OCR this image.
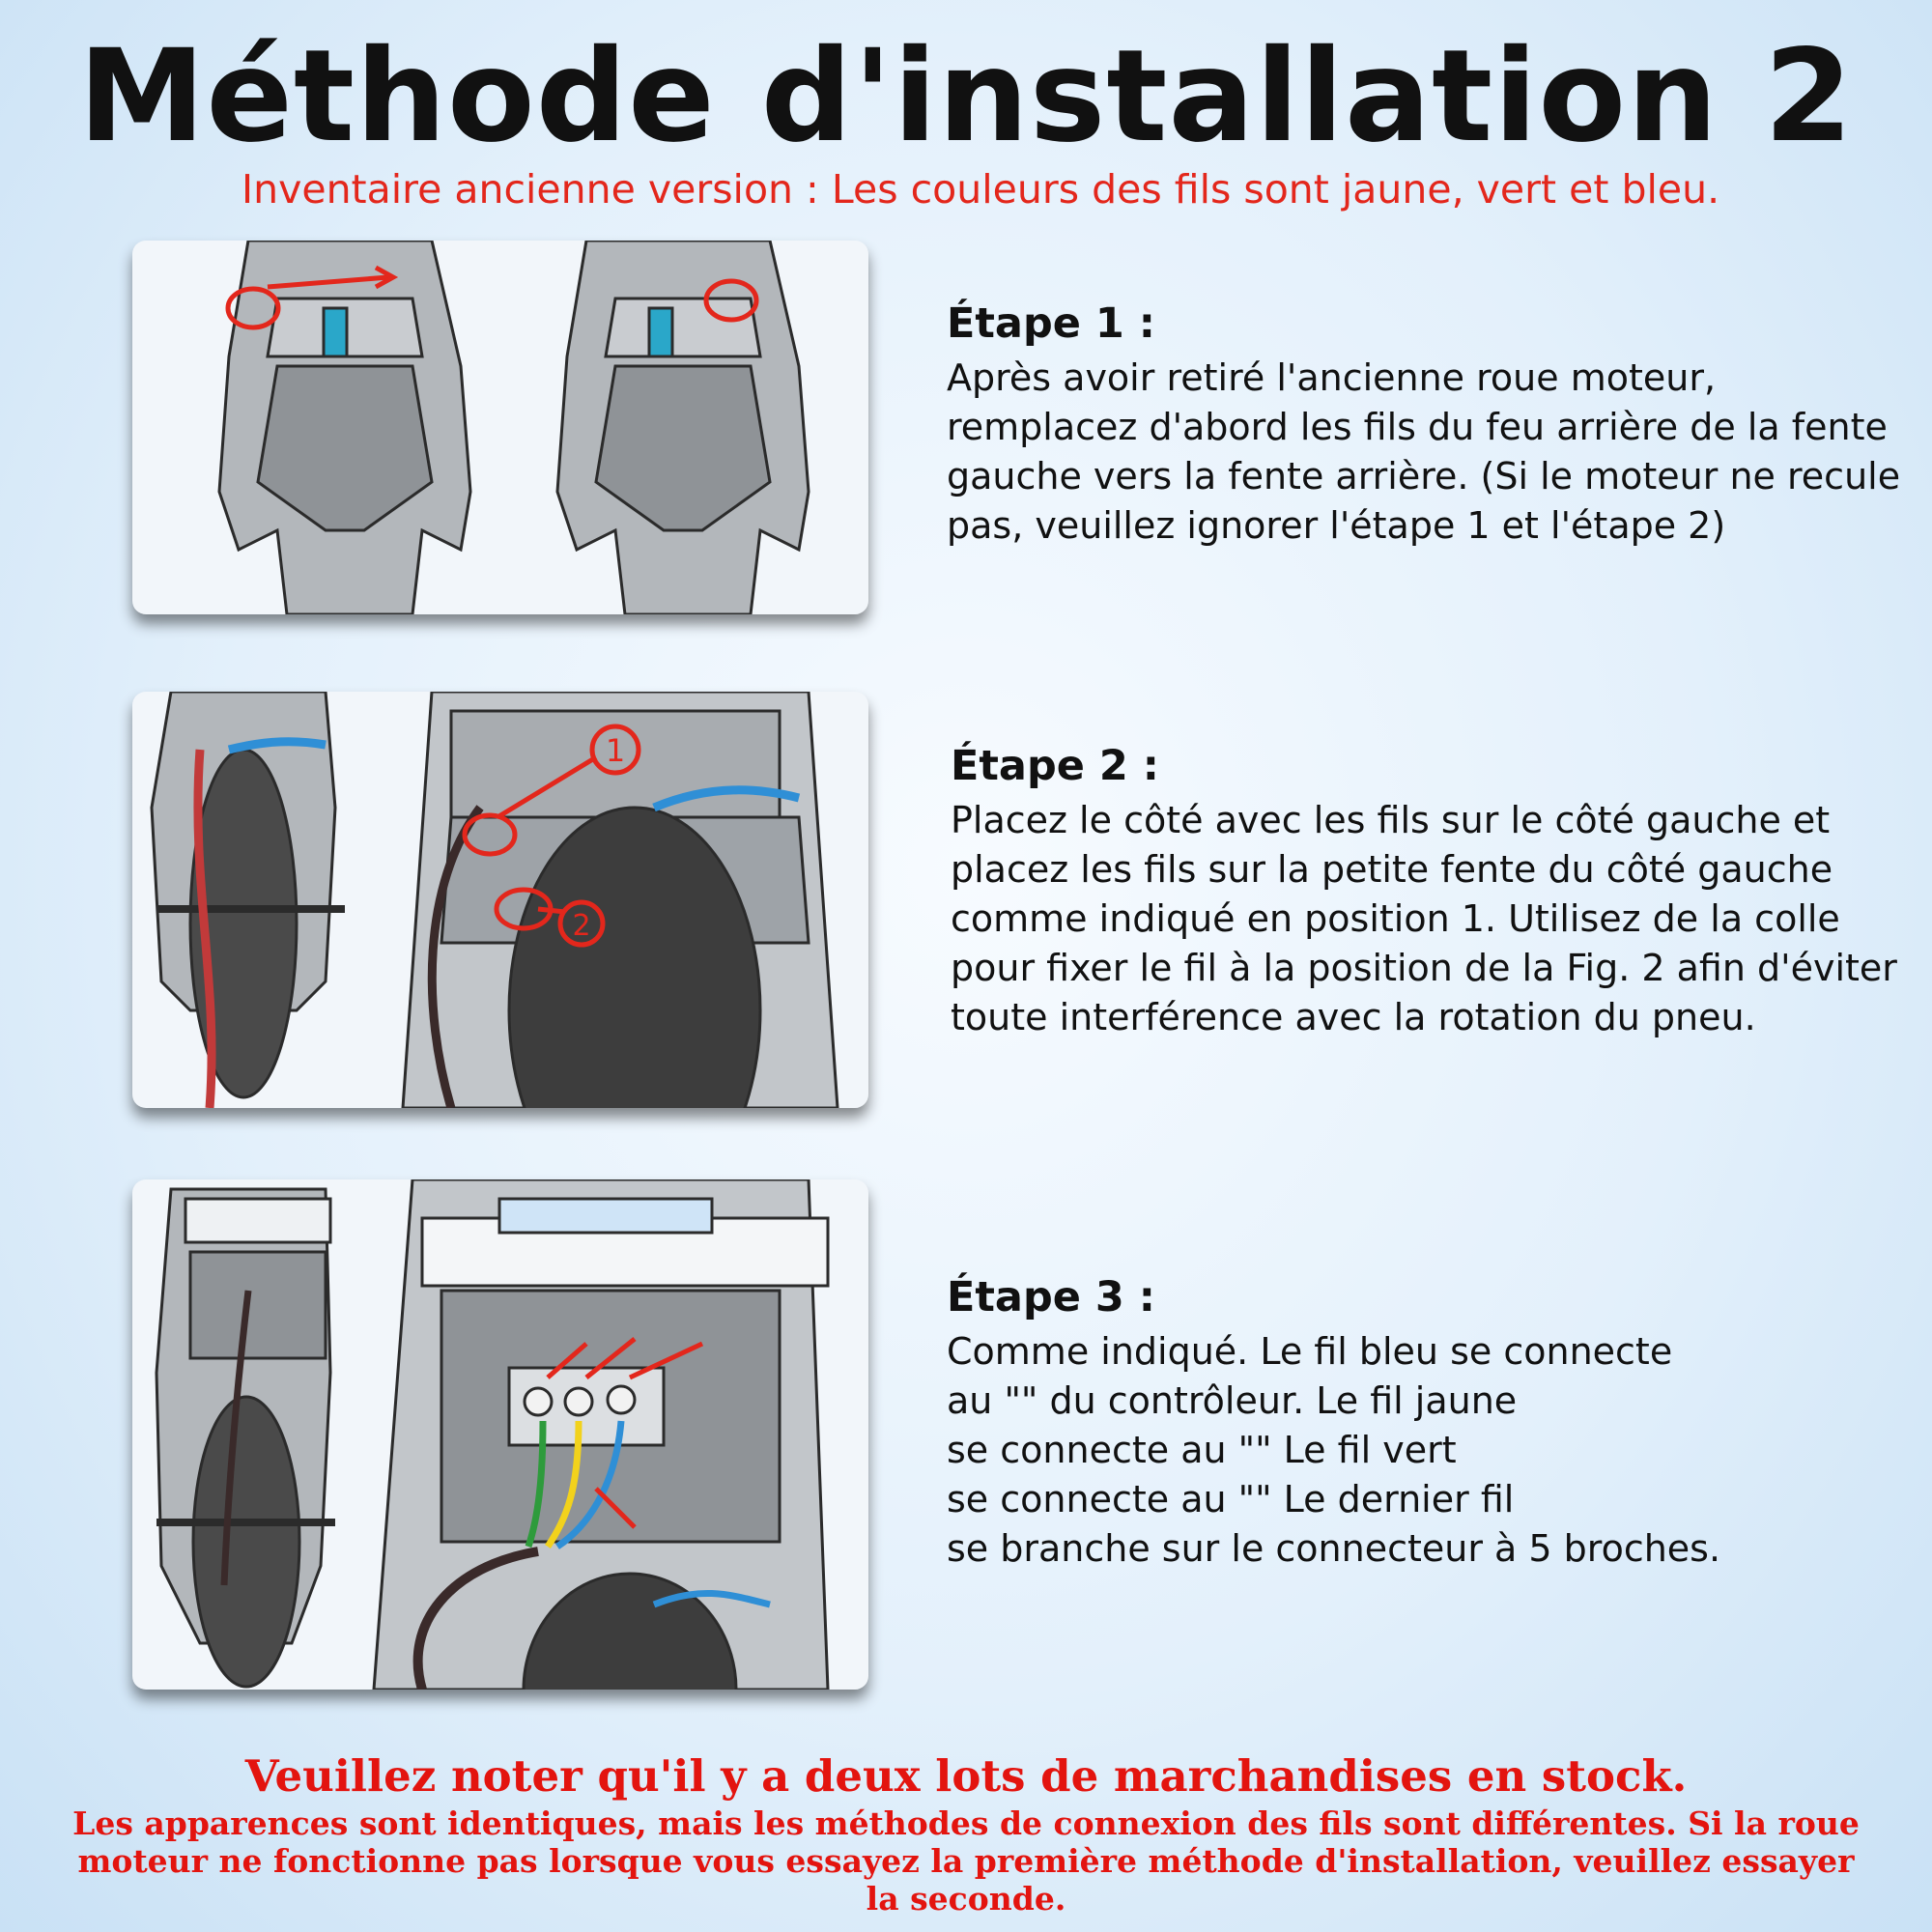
Méthode d'installation 2
Inventaire ancienne version : Les couleurs des fils sont jaune, vert et bleu.
1
2
Étape 1 :
Après avoir retiré l'ancienne roue moteur, remplacez d'abord les fils du feu arrière de la fente gauche vers la fente arrière. (Si le moteur ne recule pas, veuillez ignorer l'étape 1 et l'étape 2)
Étape 2 :
Placez le côté avec les fils sur le côté gauche et placez les fils sur la petite fente du côté gauche comme indiqué en position 1. Utilisez de la colle pour fixer le fil à la position de la Fig. 2 afin d'éviter toute interférence avec la rotation du pneu.
Étape 3 :
Comme indiqué. Le fil bleu se connecte
au "" du contrôleur. Le fil jaune
se connecte au "" Le fil vert
se connecte au "" Le dernier fil
se branche sur le connecteur à 5 broches.
Veuillez noter qu'il y a deux lots de marchandises en stock.
Les apparences sont identiques, mais les méthodes de connexion des fils sont différentes. Si la roue moteur ne fonctionne pas lorsque vous essayez la première méthode d'installation, veuillez essayer la seconde.
